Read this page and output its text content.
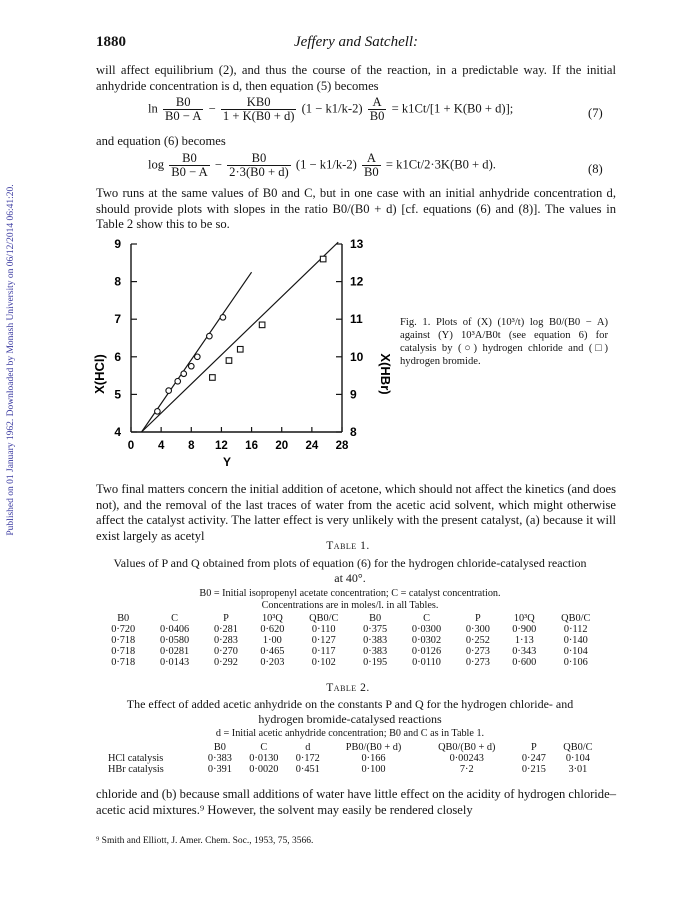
Published on 01 January 1962. Downloaded by Monash University on 06/12/2014 06:41:20.
1880	Jeffery and Satchell:

will affect equilibrium (2), and thus the course of the reaction, in a predictable way. If the initial anhydride concentration is d, then equation (5) becomes

$\ln \frac{B0}{B0 - A} - \frac{KB0}{1 + K(B0 + d)} (1 - k1/k-2) \frac{A}{B0} = k1Ct/[1 + K(B0 + d)]$;	(7)

and equation (6) becomes

$\log \frac{B0}{B0 - A} - \frac{B0}{2\cdot 3(B0 + d)} (1 - k1/k-2) \frac{A}{B0} = k1Ct/2\cdot 3K(B0 + d)$.	(8)

Two runs at the same values of B0 and C, but in one case with an initial anhydride concentration d, should provide plots with slopes in the ratio B0/(B0 + d) [cf. equations (6) and (8)]. The values in Table 2 show this to be so.

4
5
6
7
8
9
8
9
10
11
12
13
0 4 8 12 16 20 24 28
X(HCl)	X(HBr)
Y

Fig. 1. Plots of (X) (10³/t) log B0/(B0 − A) against (Y) 10³A/B0t (see equation 6) for catalysis by (○) hydrogen chloride and (□) hydrogen bromide.

Two final matters concern the initial addition of acetone, which should not affect the kinetics (and does not), and the removal of the last traces of water from the acetic acid solvent, which might otherwise affect the catalyst activity. The latter effect is very unlikely with the present catalyst, (a) because it will exist largely as acetyl

Table 1.
Values of P and Q obtained from plots of equation (6) for the hydrogen chloride-catalysed reaction at 40°.
B0 = Initial isopropenyl acetate concentration; C = catalyst concentration.
Concentrations are in moles/l. in all Tables.
B0	C	P	10³Q	QB0/C	B0	C	P	10³Q	QB0/C
0·720	0·0406	0·281	0·620	0·110	0·375	0·0300	0·300	0·900	0·112
0·718	0·0580	0·283	1·00	0·127	0·383	0·0302	0·252	1·13	0·140
0·718	0·0281	0·270	0·465	0·117	0·383	0·0126	0·273	0·343	0·104
0·718	0·0143	0·292	0·203	0·102	0·195	0·0110	0·273	0·600	0·106
Table 2.
The effect of added acetic anhydride on the constants P and Q for the hydrogen chloride- and hydrogen bromide-catalysed reactions
d = Initial acetic anhydride concentration; B0 and C as in Table 1.
	B0	C	d	PB0/(B0 + d)	QB0/(B0 + d)	P	QB0/C
HCl catalysis	0·383	0·0130	0·172	0·166	0·00243	0·247	0·104
HBr catalysis	0·391	0·0020	0·451	0·100	7·2	0·215	3·01

chloride and (b) because small additions of water have little effect on the acidity of hydrogen chloride–acetic acid mixtures.⁹ However, the solvent may easily be rendered closely

⁹ Smith and Elliott, J. Amer. Chem. Soc., 1953, 75, 3566.
